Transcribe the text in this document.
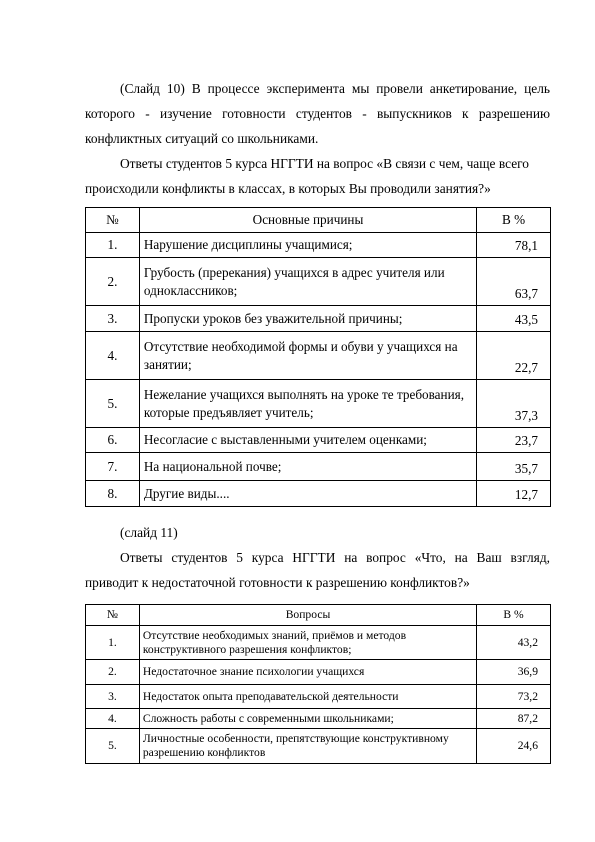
(Слайд 10) В процессе эксперимента мы провели анкетирование, цель
которого - изучение готовности студентов - выпускников к разрешению
конфликтных ситуаций со школьниками.
Ответы студентов 5 курса НГГТИ на вопрос «В связи с чем, чаще всего
происходили конфликты в классах, в которых Вы проводили занятия?»
№	Основные причины	В %
1.	Нарушение дисциплины учащимися;	78,1
2.	Грубость (пререкания) учащихся в адрес учителя или одноклассников;	63,7
3.	Пропуски уроков без уважительной причины;	43,5
4.	Отсутствие необходимой формы и обуви у учащихся на занятии;	22,7
5.	Нежелание учащихся выполнять на уроке те требования, которые предъявляет учитель;	37,3
6.	Несогласие с выставленными учителем оценками;	23,7
7.	На национальной почве;	35,7
8.	Другие виды....	12,7
(слайд 11)
Ответы студентов 5 курса НГГТИ на вопрос «Что, на Ваш взгляд,
приводит к недостаточной готовности к разрешению конфликтов?»
№	Вопросы	В %
1.	Отсутствие необходимых знаний, приёмов и методов конструктивного разрешения конфликтов;	43,2
2.	Недостаточное знание психологии учащихся	36,9
3.	Недостаток опыта преподавательской деятельности	73,2
4.	Сложность работы с современными школьниками;	87,2
5.	Личностные особенности, препятствующие конструктивному разрешению конфликтов	24,6
